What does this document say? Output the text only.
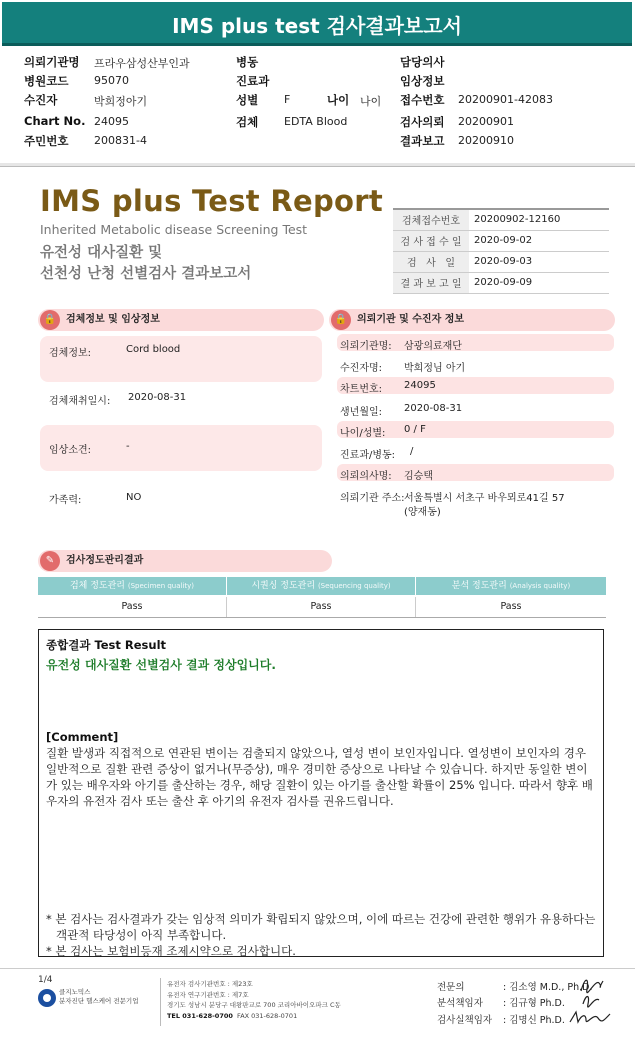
IMS plus test 검사결과보고서
의뢰기관명 프라우삼성산부인과
병원코드 95070
수진자	박희정아기
Chart No. 24095
주민번호 200831-4
병동
진료과
성별 F	나이 나이
검체 EDTA Blood
담당의사
임상정보
접수번호 20200901-42083
검사의뢰 20200901
결과보고 20200910
IMS plus Test Report
Inherited Metabolic disease Screening Test
유전성 대사질환 및
선천성 난청 선별검사 결과보고서
검체접수번호	20200902-12160
검 사 접 수 일	2020-09-02
검   사   일	2020-09-03
결 과 보 고 일	2020-09-09
🔒 검체정보 및 임상정보
검체정보:	Cord blood
검체채취일시: 2020-08-31
임상소견:	-
가족력:	NO
🔒 의뢰기관 및 수진자 정보
의뢰기관명: 삼광의료재단
수진자명: 박희정님 아기
차트번호: 24095
생년월일: 2020-08-31
나이/성별: 0 / F
진료과/병동: /
의뢰의사명: 김승택
의뢰기관 주소: 서울특별시 서초구 바우뫼로41길 57
(양재동)
✎	검사정도관리결과
검체 정도관리 (Specimen quality)	시퀀싱 정도관리 (Sequencing quality)	분석 정도관리 (Analysis quality)
Pass	Pass	Pass
종합결과 Test Result
유전성 대사질환 선별검사 결과 정상입니다.
[Comment]
질환 발생과 직접적으로 연관된 변이는 검출되지 않았으나, 열성 변이 보인자입니다. 열성변이 보인자의 경우 일반적으로 질환 관련 증상이 없거나(무증상), 매우 경미한 증상으로 나타날 수 있습니다. 하지만 동일한 변이가 있는 배우자와 아기를 출산하는 경우, 해당 질환이 있는 아기를 출산할 확률이 25% 입니다. 따라서 향후 배우자의 유전자 검사 또는 출산 후 아기의 유전자 검사를 권유드립니다.
* 본 검사는 검사결과가 갖는 임상적 의미가 확립되지 않았으며, 이에 따르는 건강에 관련한 행위가 유용하다는 객관적 타당성이 아직 부족합니다.
* 본 검사는 보험비등재 조제시약으로 검사합니다.
1/4
클지노믹스
분자진단 헬스케어 전문기업
유전자 검사기관번호 : 제23호
유전자 연구기관번호 : 제7호
경기도 성남시 분당구 대왕판교로 700 코리아바이오파크 C동
TEL 031-628-0700 FAX 031-628-0701
전문의	: 김소영 M.D., Ph.D.
분석책임자 : 김규형 Ph.D.
검사실책임자 : 김명신 Ph.D.
